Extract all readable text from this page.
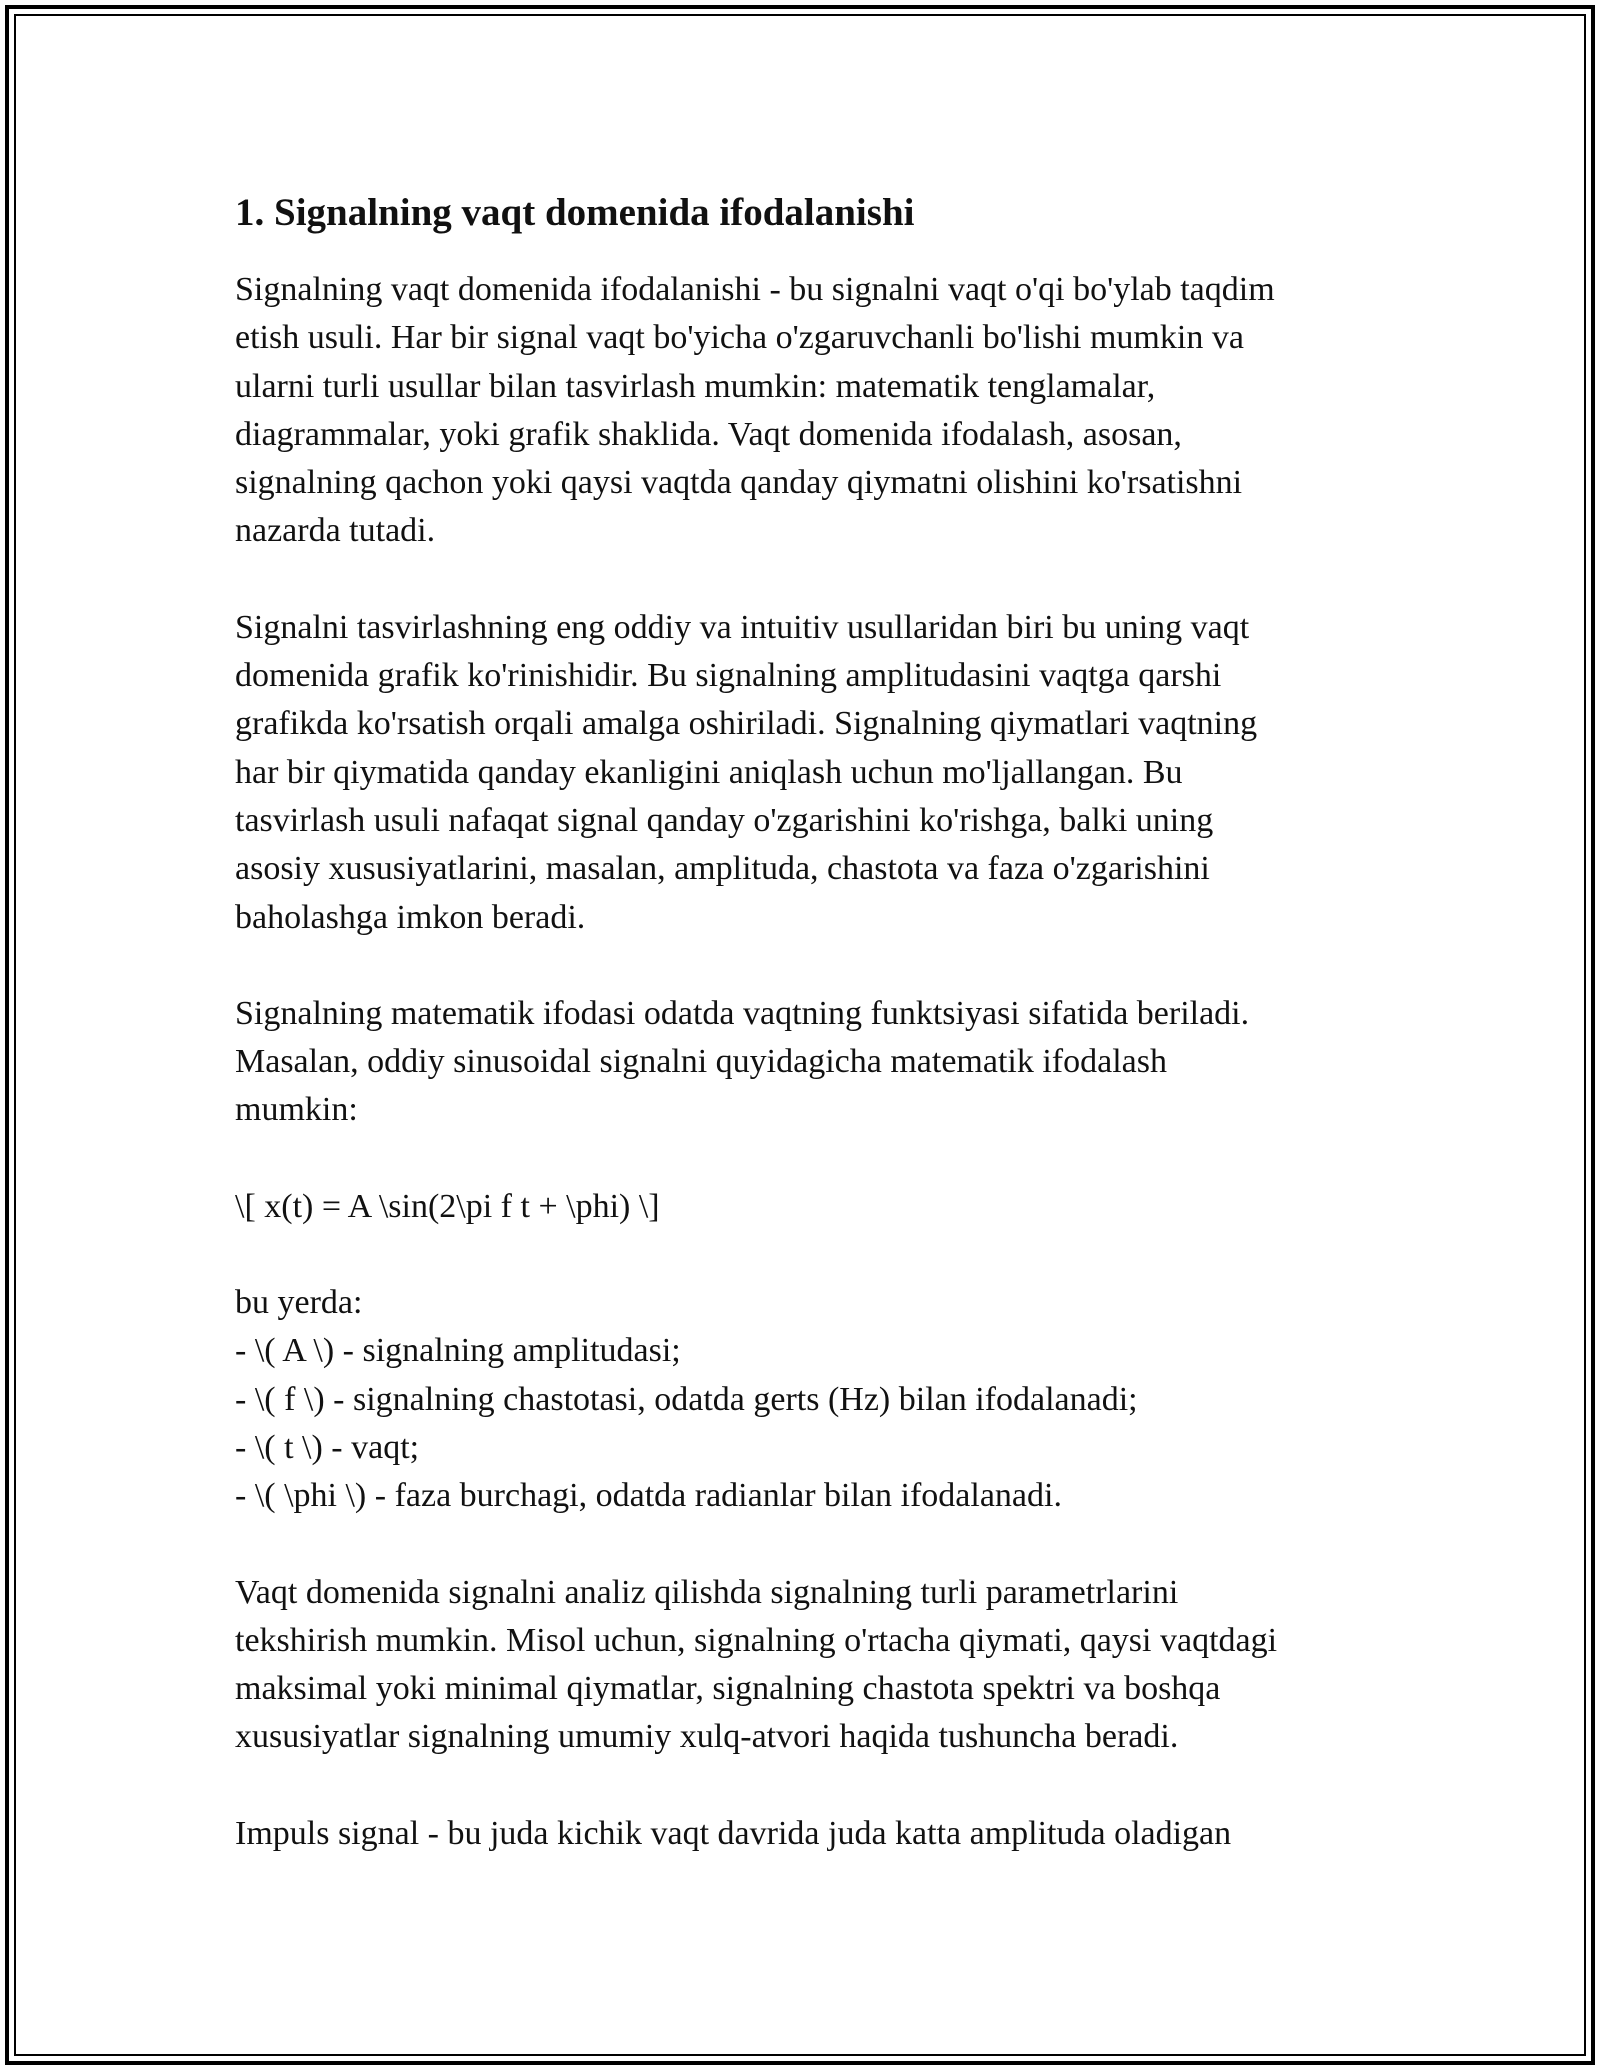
1. Signalning vaqt domenida ifodalanishi

Signalning vaqt domenida ifodalanishi - bu signalni vaqt o'qi bo'ylab taqdim
etish usuli. Har bir signal vaqt bo'yicha o'zgaruvchanli bo'lishi mumkin va
ularni turli usullar bilan tasvirlash mumkin: matematik tenglamalar,
diagrammalar, yoki grafik shaklida. Vaqt domenida ifodalash, asosan,
signalning qachon yoki qaysi vaqtda qanday qiymatni olishini ko'rsatishni
nazarda tutadi.

Signalni tasvirlashning eng oddiy va intuitiv usullaridan biri bu uning vaqt
domenida grafik ko'rinishidir. Bu signalning amplitudasini vaqtga qarshi
grafikda ko'rsatish orqali amalga oshiriladi. Signalning qiymatlari vaqtning
har bir qiymatida qanday ekanligini aniqlash uchun mo'ljallangan. Bu
tasvirlash usuli nafaqat signal qanday o'zgarishini ko'rishga, balki uning
asosiy xususiyatlarini, masalan, amplituda, chastota va faza o'zgarishini
baholashga imkon beradi.

Signalning matematik ifodasi odatda vaqtning funktsiyasi sifatida beriladi.
Masalan, oddiy sinusoidal signalni quyidagicha matematik ifodalash
mumkin:

\[ x(t) = A \sin(2\pi f t + \phi) \]

bu yerda:
- \( A \) - signalning amplitudasi;
- \( f \) - signalning chastotasi, odatda gerts (Hz) bilan ifodalanadi;
- \( t \) - vaqt;
- \( \phi \) - faza burchagi, odatda radianlar bilan ifodalanadi.

Vaqt domenida signalni analiz qilishda signalning turli parametrlarini
tekshirish mumkin. Misol uchun, signalning o'rtacha qiymati, qaysi vaqtdagi
maksimal yoki minimal qiymatlar, signalning chastota spektri va boshqa
xususiyatlar signalning umumiy xulq-atvori haqida tushuncha beradi.

Impuls signal - bu juda kichik vaqt davrida juda katta amplituda oladigan
